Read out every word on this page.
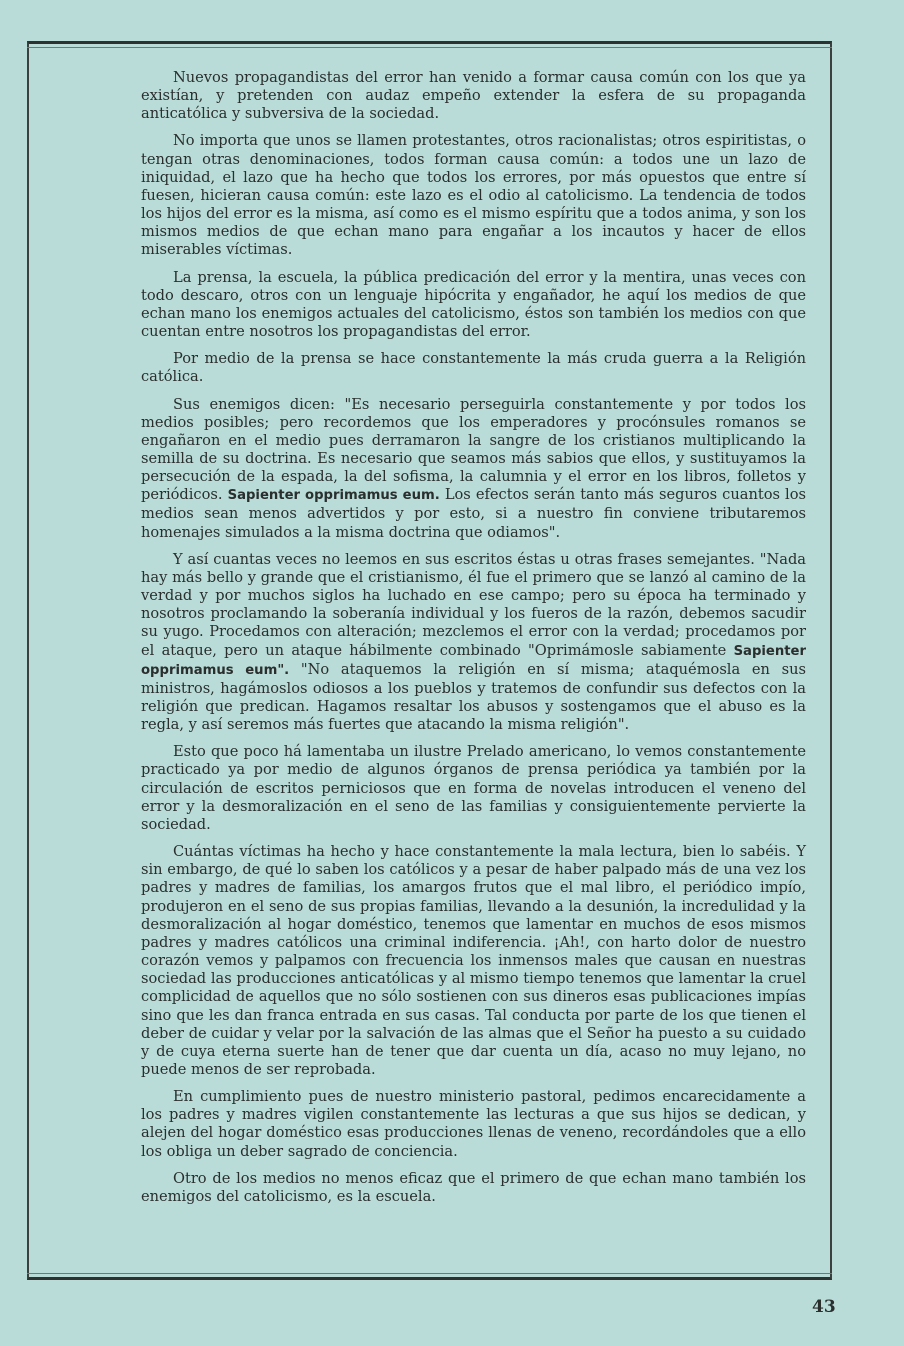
Nuevos propagandistas del error han venido a formar causa común con los que ya existían, y pretenden con audaz empeño extender la esfera de su propaganda anticatólica y subversiva de la sociedad.

No importa que unos se llamen protestantes, otros racionalistas; otros espiritistas, o tengan otras denominaciones, todos forman causa común: a todos une un lazo de iniquidad, el lazo que ha hecho que todos los errores, por más opuestos que entre sí fuesen, hicieran causa común: este lazo es el odio al catolicismo. La tendencia de todos los hijos del error es la misma, así como es el mismo espíritu que a todos anima, y son los mismos medios de que echan mano para engañar a los incautos y hacer de ellos miserables víctimas.

La prensa, la escuela, la pública predicación del error y la mentira, unas veces con todo descaro, otros con un lenguaje hipócrita y engañador, he aquí los medios de que echan mano los enemigos actuales del catolicismo, éstos son también los medios con que cuentan entre nosotros los propagandistas del error.

Por medio de la prensa se hace constantemente la más cruda guerra a la Religión católica.

Sus enemigos dicen: "Es necesario perseguirla constantemente y por todos los medios posibles; pero recordemos que los emperadores y procónsules romanos se engañaron en el medio pues derramaron la sangre de los cristianos multiplicando la semilla de su doctrina. Es necesario que seamos más sabios que ellos, y sustituyamos la persecución de la espada, la del sofisma, la calumnia y el error en los libros, folletos y periódicos. Sapienter opprimamus eum. Los efectos serán tanto más seguros cuantos los medios sean menos advertidos y por esto, si a nuestro fin conviene tributaremos homenajes simulados a la misma doctrina que odiamos".

Y así cuantas veces no leemos en sus escritos éstas u otras frases semejantes. "Nada hay más bello y grande que el cristianismo, él fue el primero que se lanzó al camino de la verdad y por muchos siglos ha luchado en ese campo; pero su época ha terminado y nosotros proclamando la soberanía individual y los fueros de la razón, debemos sacudir su yugo. Procedamos con alteración; mezclemos el error con la verdad; procedamos por el ataque, pero un ataque hábilmente combinado "Oprimámosle sabiamente Sapienter opprimamus eum". "No ataquemos la religión en sí misma; ataquémosla en sus ministros, hagámoslos odiosos a los pueblos y tratemos de confundir sus defectos con la religión que predican. Hagamos resaltar los abusos y sostengamos que el abuso es la regla, y así seremos más fuertes que atacando la misma religión".

Esto que poco há lamentaba un ilustre Prelado americano, lo vemos constantemente practicado ya por medio de algunos órganos de prensa periódica ya también por la circulación de escritos perniciosos que en forma de novelas introducen el veneno del error y la desmoralización en el seno de las familias y consiguientemente pervierte la sociedad.

Cuántas víctimas ha hecho y hace constantemente la mala lectura, bien lo sabéis. Y sin embargo, de qué lo saben los católicos y a pesar de haber palpado más de una vez los padres y madres de familias, los amargos frutos que el mal libro, el periódico impío, produjeron en el seno de sus propias familias, llevando a la desunión, la incredulidad y la desmoralización al hogar doméstico, tenemos que lamentar en muchos de esos mismos padres y madres católicos una criminal indiferencia. ¡Ah!, con harto dolor de nuestro corazón vemos y palpamos con frecuencia los inmensos males que causan en nuestras sociedad las producciones anticatólicas y al mismo tiempo tenemos que lamentar la cruel complicidad de aquellos que no sólo sostienen con sus dineros esas publicaciones impías sino que les dan franca entrada en sus casas. Tal conducta por parte de los que tienen el deber de cuidar y velar por la salvación de las almas que el Señor ha puesto a su cuidado y de cuya eterna suerte han de tener que dar cuenta un día, acaso no muy lejano, no puede menos de ser reprobada.

En cumplimiento pues de nuestro ministerio pastoral, pedimos encarecidamente a los padres y madres vigilen constantemente las lecturas a que sus hijos se dedican, y alejen del hogar doméstico esas producciones llenas de veneno, recordándoles que a ello los obliga un deber sagrado de conciencia.

Otro de los medios no menos eficaz que el primero de que echan mano también los enemigos del catolicismo, es la escuela.

43
